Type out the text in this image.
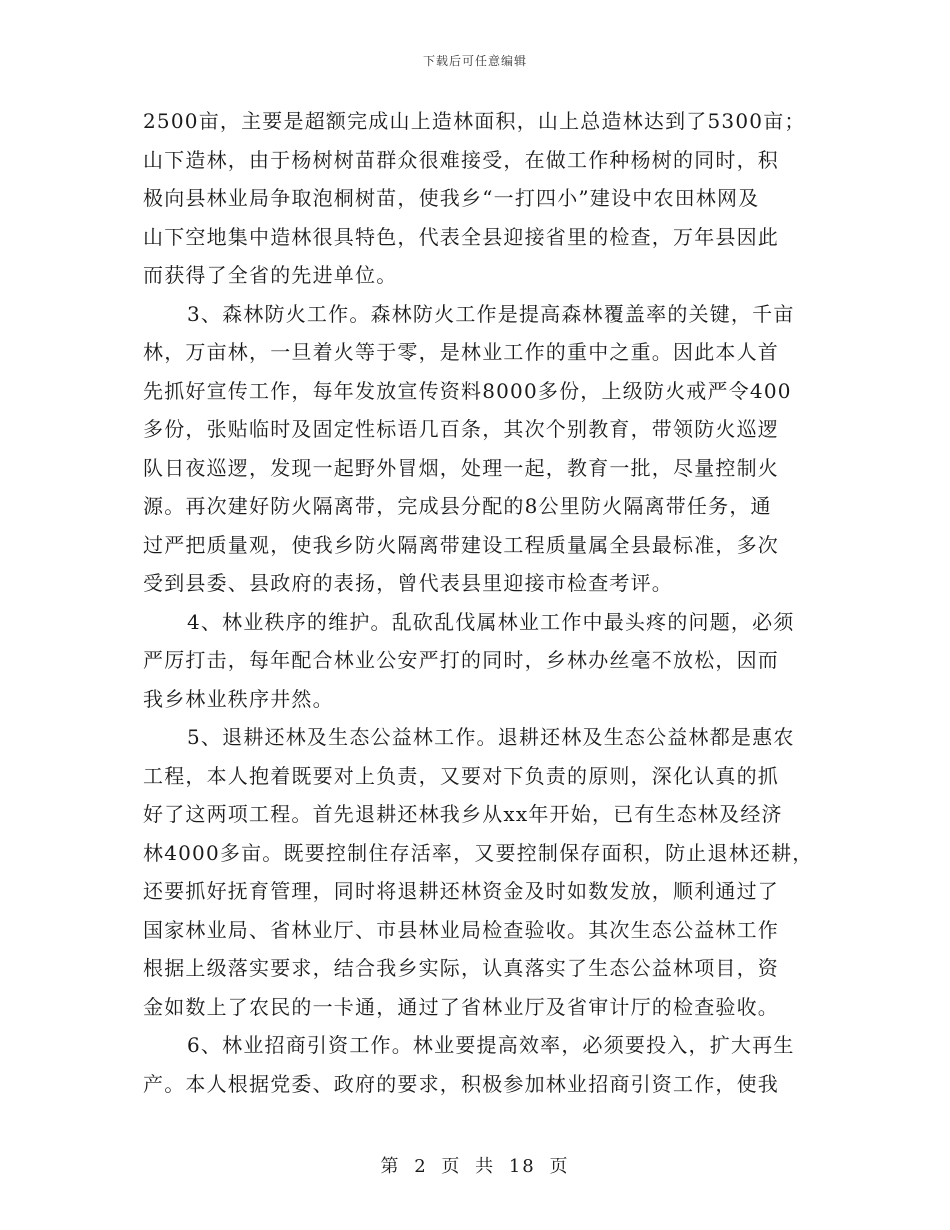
下载后可任意编辑
2500亩，主要是超额完成山上造林面积，山上总造林达到了5300亩；
山下造林，由于杨树树苗群众很难接受，在做工作种杨树的同时，积
极向县林业局争取泡桐树苗，使我乡“一打四小”建设中农田林网及
山下空地集中造林很具特色，代表全县迎接省里的检查，万年县因此
而获得了全省的先进单位。
3、森林防火工作。森林防火工作是提高森林覆盖率的关键，千亩
林，万亩林，一旦着火等于零，是林业工作的重中之重。因此本人首
先抓好宣传工作，每年发放宣传资料8000多份，上级防火戒严令400
多份，张贴临时及固定性标语几百条，其次个别教育，带领防火巡逻
队日夜巡逻，发现一起野外冒烟，处理一起，教育一批，尽量控制火
源。再次建好防火隔离带，完成县分配的8公里防火隔离带任务，通
过严把质量观，使我乡防火隔离带建设工程质量属全县最标准，多次
受到县委、县政府的表扬，曾代表县里迎接市检查考评。
4、林业秩序的维护。乱砍乱伐属林业工作中最头疼的问题，必须
严厉打击，每年配合林业公安严打的同时，乡林办丝毫不放松，因而
我乡林业秩序井然。
5、退耕还林及生态公益林工作。退耕还林及生态公益林都是惠农
工程，本人抱着既要对上负责，又要对下负责的原则，深化认真的抓
好了这两项工程。首先退耕还林我乡从xx年开始，已有生态林及经济
林4000多亩。既要控制住存活率，又要控制保存面积，防止退林还耕，
还要抓好抚育管理，同时将退耕还林资金及时如数发放，顺利通过了
国家林业局、省林业厅、市县林业局检查验收。其次生态公益林工作
根据上级落实要求，结合我乡实际，认真落实了生态公益林项目，资
金如数上了农民的一卡通，通过了省林业厅及省审计厅的检查验收。
6、林业招商引资工作。林业要提高效率，必须要投入，扩大再生
产。本人根据党委、政府的要求，积极参加林业招商引资工作，使我
第 2 页 共 18 页
